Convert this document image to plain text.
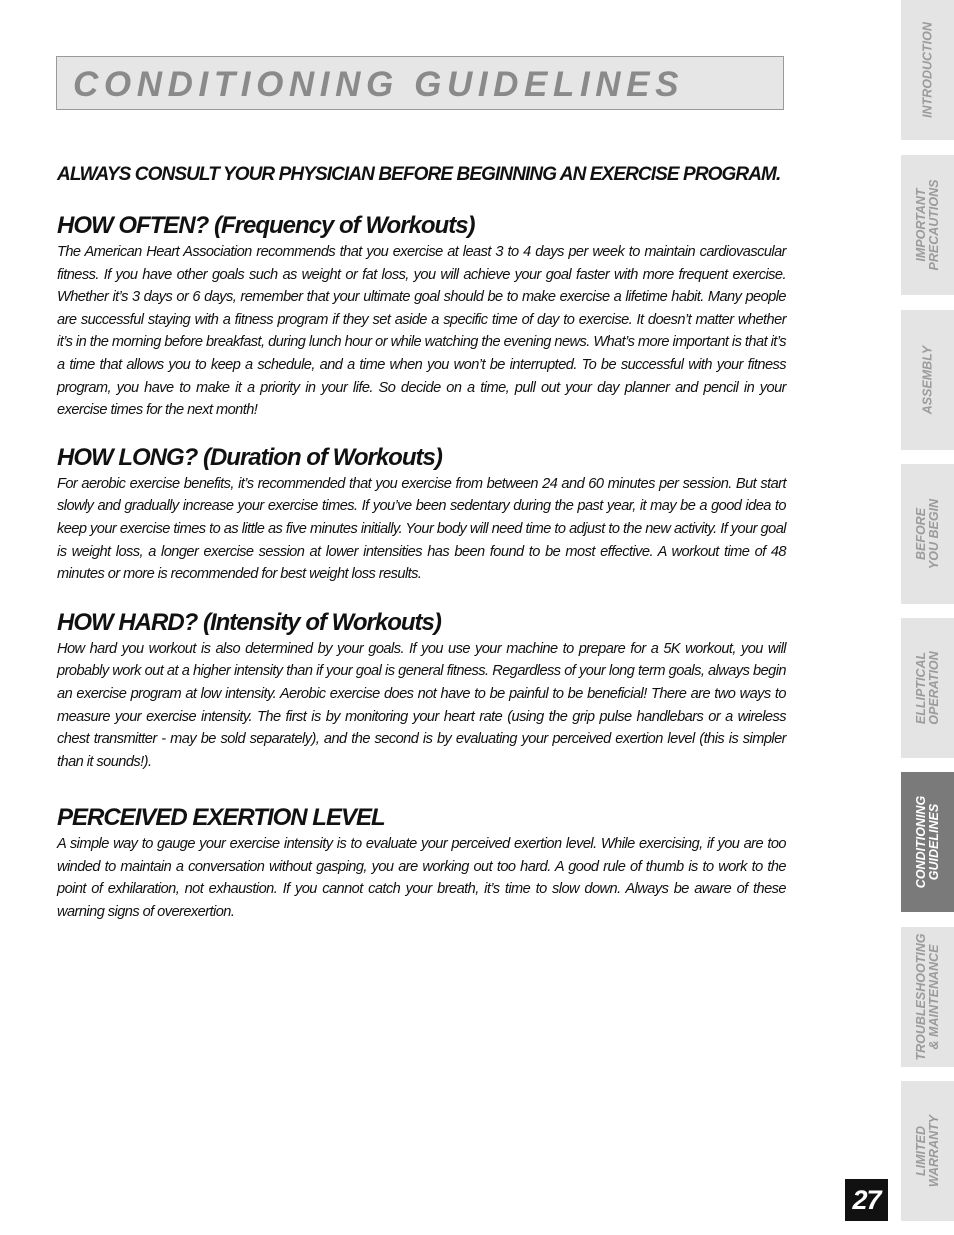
CONDITIONING GUIDELINES
ALWAYS CONSULT YOUR PHYSICIAN BEFORE BEGINNING AN EXERCISE PROGRAM.
HOW OFTEN? (Frequency of Workouts)

The American Heart Association recommends that you exercise at least 3 to 4 days per week to maintain cardiovascular fitness. If you have other goals such as weight or fat loss, you will achieve your goal faster with more frequent exercise. Whether it’s 3 days or 6 days, remember that your ultimate goal should be to make exercise a lifetime habit. Many people are successful staying with a fitness program if they set aside a specific time of day to exercise. It doesn’t matter whether it’s in the morning before breakfast, during lunch hour or while watching the evening news. What’s more important is that it’s a time that allows you to keep a schedule, and a time when you won’t be interrupted. To be successful with your fitness program, you have to make it a priority in your life. So decide on a time, pull out your day planner and pencil in your exercise times for the next month!

HOW LONG? (Duration of Workouts)

For aerobic exercise benefits, it’s recommended that you exercise from between 24 and 60 minutes per session. But start slowly and gradually increase your exercise times. If you’ve been sedentary during the past year, it may be a good idea to keep your exercise times to as little as five minutes initially. Your body will need time to adjust to the new activity. If your goal is weight loss, a longer exercise session at lower intensities has been found to be most effective. A workout time of 48 minutes or more is recommended for best weight loss results.

HOW HARD? (Intensity of Workouts)

How hard you workout is also determined by your goals. If you use your machine to prepare for a 5K workout, you will probably work out at a higher intensity than if your goal is general fitness. Regardless of your long term goals, always begin an exercise program at low intensity. Aerobic exercise does not have to be painful to be beneficial! There are two ways to measure your exercise intensity. The first is by monitoring your heart rate (using the grip pulse handlebars or a wireless chest transmitter - may be sold separately), and the second is by evaluating your perceived exertion level (this is simpler than it sounds!).

PERCEIVED EXERTION LEVEL

A simple way to gauge your exercise intensity is to evaluate your perceived exertion level. While exercising, if you are too winded to maintain a conversation without gasping, you are working out too hard. A good rule of thumb is to work to the point of exhilaration, not exhaustion. If you cannot catch your breath, it’s time to slow down. Always be aware of these warning signs of overexertion.

INTRODUCTION
IMPORTANT
PRECAUTIONS
ASSEMBLY
BEFORE
YOU BEGIN
ELLIPTICAL
OPERATION
CONDITIONING
GUIDELINES
TROUBLESHOOTING
& MAINTENANCE
LIMITED
WARRANTY
27
